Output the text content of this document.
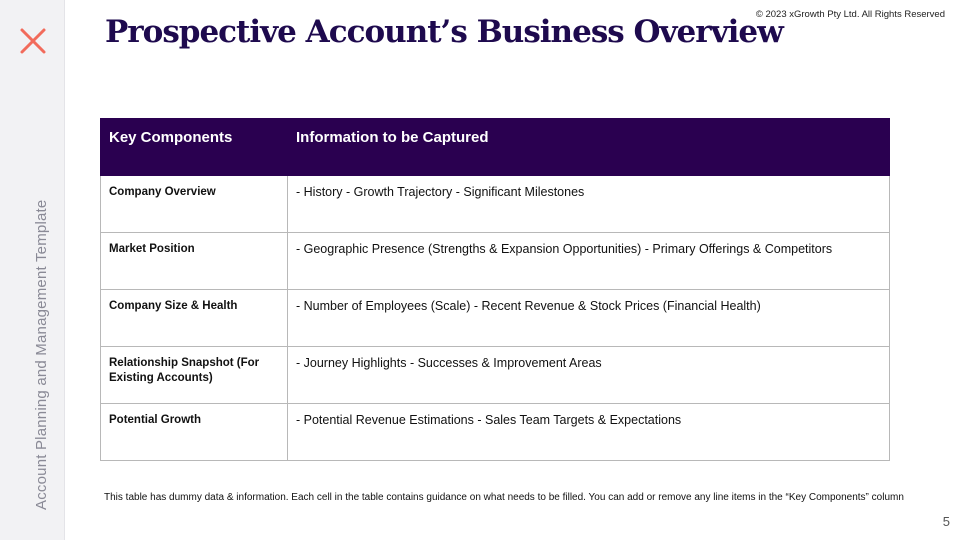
Account Planning and Management Template
Prospective Account’s Business Overview
© 2023 xGrowth Pty Ltd. All Rights Reserved
Key Components	Information to be Captured
Company Overview	- History - Growth Trajectory - Significant Milestones
Market Position	- Geographic Presence (Strengths & Expansion Opportunities) - Primary Offerings & Competitors
Company Size & Health	- Number of Employees (Scale) - Recent Revenue & Stock Prices (Financial Health)
Relationship Snapshot (For Existing Accounts)	- Journey Highlights - Successes & Improvement Areas
Potential Growth	- Potential Revenue Estimations - Sales Team Targets & Expectations
This table has dummy data & information. Each cell in the table contains guidance on what needs to be filled. You can add or remove any line items in the “Key Components” column
5
